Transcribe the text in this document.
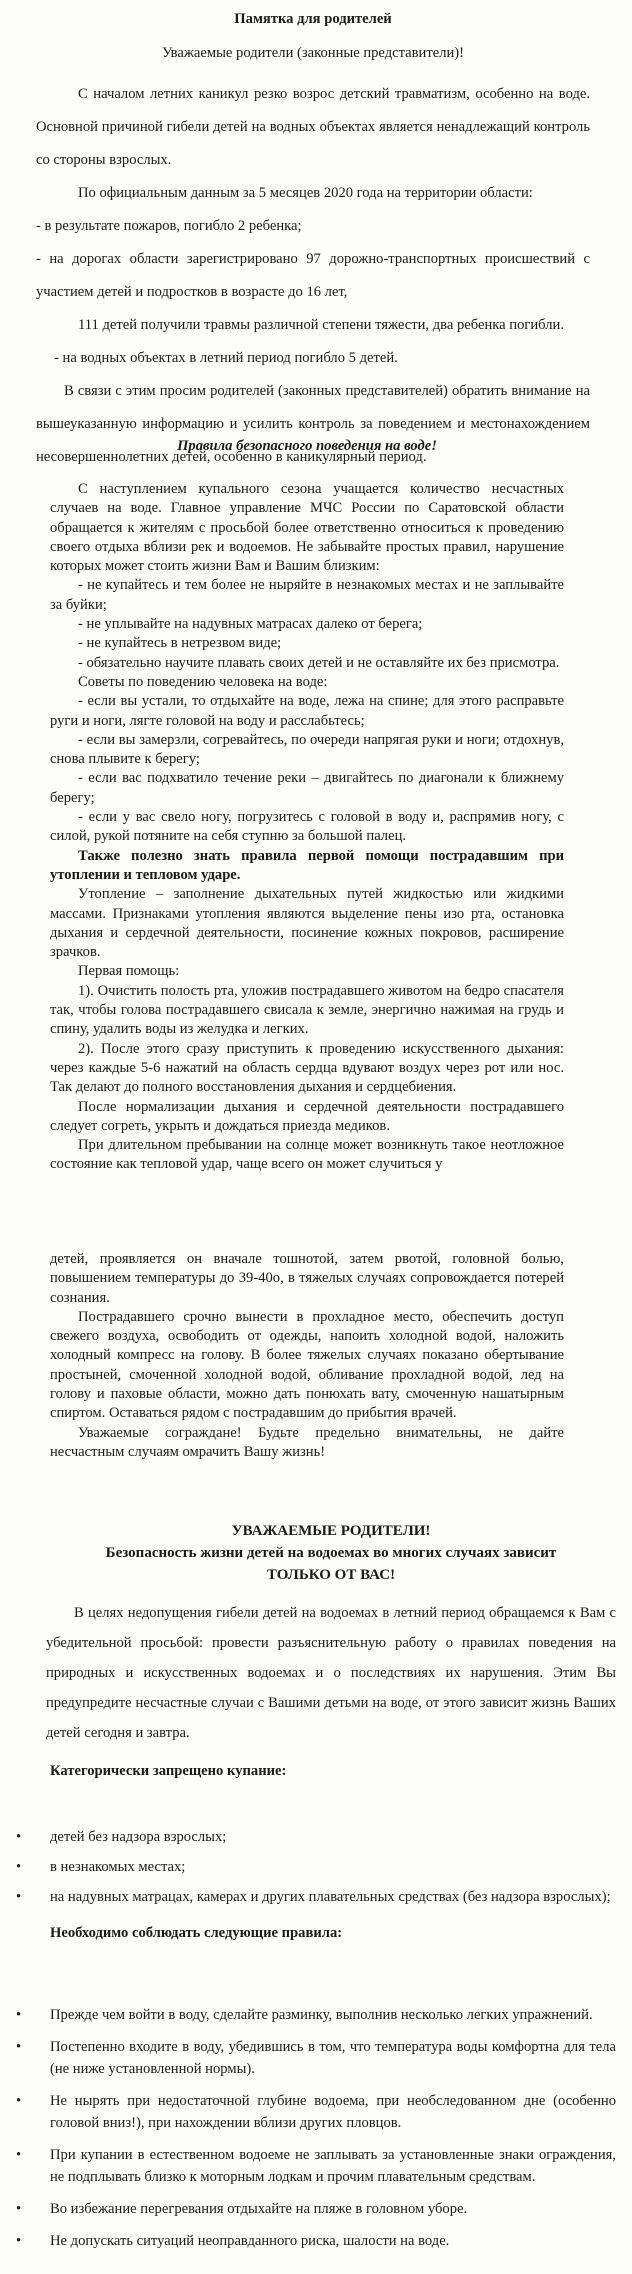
Памятка для родителей

Уважаемые родители (законные представители)!

С началом летних каникул резко возрос детский травматизм, особенно на воде. Основной причиной гибели детей на водных объектах является ненадлежащий контроль со стороны взрослых.

По официальным данным за 5 месяцев 2020 года на территории области:

- в результате пожаров, погибло 2 ребенка;

- на дорогах области зарегистрировано 97 дорожно-транспортных происшествий с участием детей и подростков в возрасте до 16 лет,

111 детей получили травмы различной степени тяжести, два ребенка погибли.

- на водных объектах в летний период погибло 5 детей.

В связи с этим просим родителей (законных представителей) обратить внимание на вышеуказанную информацию и усилить контроль за поведением и местонахождением несовершеннолетних детей, особенно в каникулярный период.

Правила безопасного поведения на воде!

С наступлением купального сезона учащается количество несчастных случаев на воде. Главное управление МЧС России по Саратовской области обращается к жителям с просьбой более ответственно относиться к проведению своего отдыха вблизи рек и водоемов. Не забывайте простых правил, нарушение которых может стоить жизни Вам и Вашим близким:

- не купайтесь и тем более не ныряйте в незнакомых местах и не заплывайте за буйки;

- не уплывайте на надувных матрасах далеко от берега;

- не купайтесь в нетрезвом виде;

- обязательно научите плавать своих детей и не оставляйте их без присмотра.

Советы по поведению человека на воде:

- если вы устали, то отдыхайте на воде, лежа на спине; для этого расправьте руги и ноги, лягте головой на воду и расслабьтесь;

- если вы замерзли, согревайтесь, по очереди напрягая руки и ноги; отдохнув, снова плывите к берегу;

- если вас подхватило течение реки – двигайтесь по диагонали к ближнему берегу;

- если у вас свело ногу, погрузитесь с головой в воду и, распрямив ногу, с силой, рукой потяните на себя ступню за большой палец.

Также полезно знать правила первой помощи пострадавшим при утоплении и тепловом ударе.

Утопление – заполнение дыхательных путей жидкостью или жидкими массами. Признаками утопления являются выделение пены изо рта, остановка дыхания и сердечной деятельности, посинение кожных покровов, расширение зрачков.

Первая помощь:

1). Очистить полость рта, уложив пострадавшего животом на бедро спасателя так, чтобы голова пострадавшего свисала к земле, энергично нажимая на грудь и спину, удалить воды из желудка и легких.

2). После этого сразу приступить к проведению искусственного дыхания: через каждые 5-6 нажатий на область сердца вдувают воздух через рот или нос. Так делают до полного восстановления дыхания и сердцебиения.

После нормализации дыхания и сердечной деятельности пострадавшего следует согреть, укрыть и дождаться приезда медиков.

При длительном пребывании на солнце может возникнуть такое неотложное состояние как тепловой удар, чаще всего он может случиться у

детей, проявляется он вначале тошнотой, затем рвотой, головной болью, повышением температуры до 39-40о, в тяжелых случаях сопровождается потерей сознания.

Пострадавшего срочно вынести в прохладное место, обеспечить доступ свежего воздуха, освободить от одежды, напоить холодной водой, наложить холодный компресс на голову. В более тяжелых случаях показано обертывание простыней, смоченной холодной водой, обливание прохладной водой, лед на голову и паховые области, можно дать понюхать вату, смоченную нашатырным спиртом. Оставаться рядом с пострадавшим до прибытия врачей.

Уважаемые сограждане! Будьте предельно внимательны, не дайте несчастным случаям омрачить Вашу жизнь!

УВАЖАЕМЫЕ РОДИТЕЛИ!

Безопасность жизни детей на водоемах во многих случаях зависит

ТОЛЬКО ОТ ВАС!

В целях недопущения гибели детей на водоемах в летний период обращаемся к Вам с убедительной просьбой: провести разъяснительную работу о правилах поведения на природных и искусственных водоемах и о последствиях их нарушения. Этим Вы предупредите несчастные случаи с Вашими детьми на воде, от этого зависит жизнь Ваших детей сегодня и завтра.

Категорически запрещено купание:

• детей без надзора взрослых;

• в незнакомых местах;

• на надувных матрацах, камерах и других плавательных средствах (без надзора взрослых);

Необходимо соблюдать следующие правила:

• Прежде чем войти в воду, сделайте разминку, выполнив несколько легких упражнений.

• Постепенно входите в воду, убедившись в том, что температура воды комфортна для тела (не ниже установленной нормы).

• Не нырять при недостаточной глубине водоема, при необследованном дне (особенно головой вниз!), при нахождении вблизи других пловцов.

• При купании в естественном водоеме не заплывать за установленные знаки ограждения, не подплывать близко к моторным лодкам и прочим плавательным средствам.

• Во избежание перегревания отдыхайте на пляже в головном уборе.

• Не допускать ситуаций неоправданного риска, шалости на воде.
